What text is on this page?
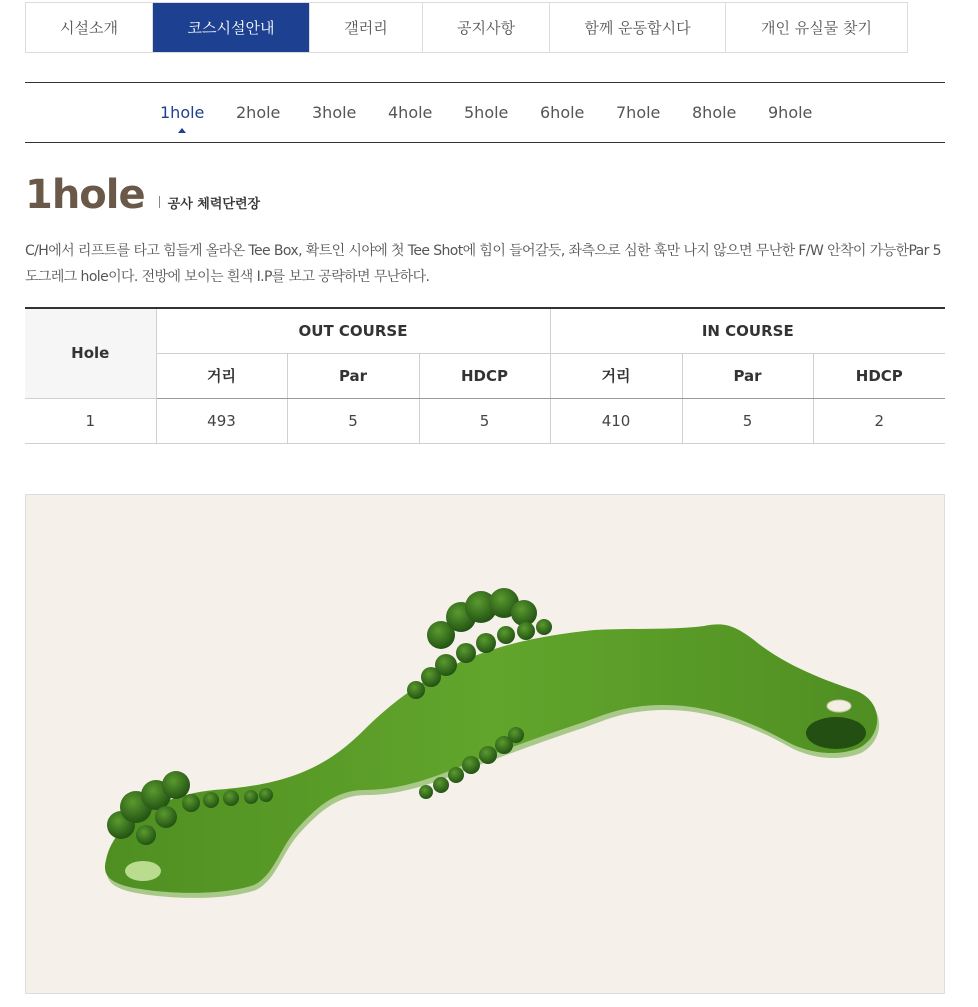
시설소개	코스시설안내	갤러리	공지사항	함께 운동합시다	개인 유실물 찾기
1hole 2hole 3hole 4hole 5hole 6hole 7hole 8hole 9hole
1hole 공사 체력단련장

C/H에서 리프트를 타고 힘들게 올라온 Tee Box, 확트인 시야에 첫 Tee Shot에 힘이 들어갈듯, 좌측으로 심한 훅만 나지 않으면 무난한 F/W 안착이 가능한Par 5 도그레그 hole이다. 전방에 보이는 흰색 I.P를 보고 공략하면 무난하다.

Hole	OUT COURSE			IN COURSE		
	거리	Par	HDCP	거리	Par	HDCP
1	493	5	5	410	5	2
